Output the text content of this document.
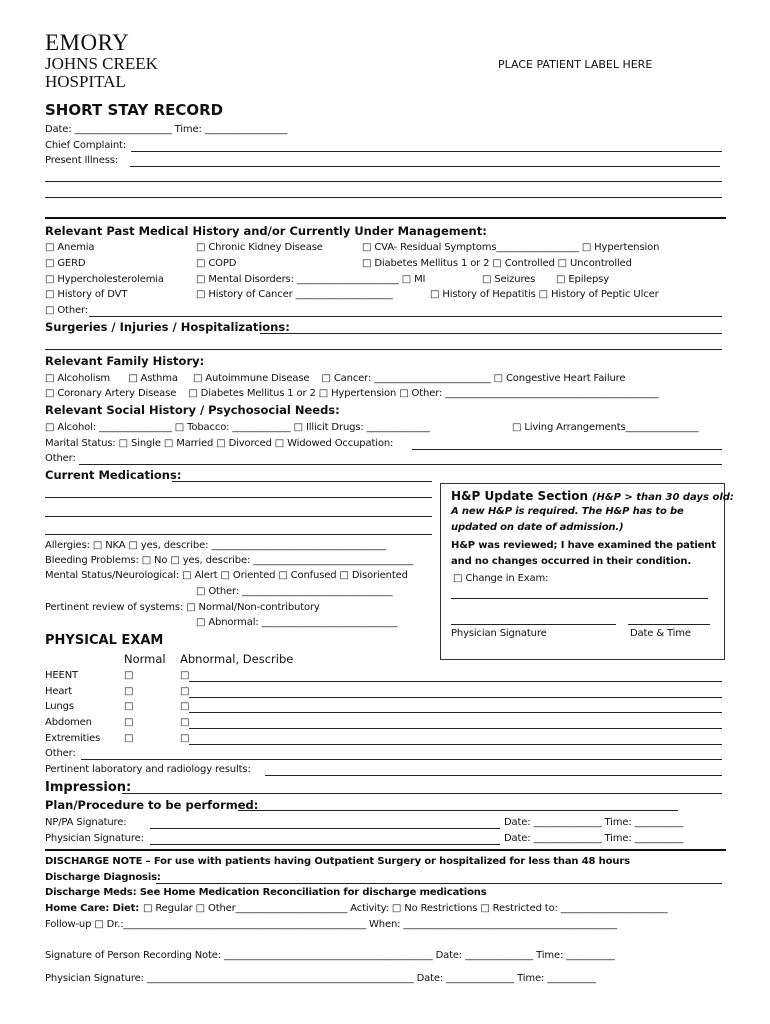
EMORY
JOHNS CREEK
HOSPITAL
PLACE PATIENT LABEL HERE
SHORT STAY RECORD
Date: ____________________ Time: _________________
Chief Complaint:
Present Illness:
Relevant Past Medical History and/or Currently Under Management:
□ Anemia
□ GERD
□ Hypercholesterolemia
□ History of DVT
□ Chronic Kidney Disease
□ COPD
□ Mental Disorders: _____________________ □ MI
□ History of Cancer ____________________
□ CVA- Residual Symptoms_________________ □ Hypertension
□ Diabetes Mellitus 1 or 2 □ Controlled □ Uncontrolled
□ Seizures □ Epilepsy
□ History of Hepatitis □ History of Peptic Ulcer
□ Other:
Surgeries / Injuries / Hospitalizations:
Relevant Family History:
□ Alcoholism      □ Asthma     □ Autoimmune Disease    □ Cancer: ________________________ □ Congestive Heart Failure
□ Coronary Artery Disease    □ Diabetes Mellitus 1 or 2 □ Hypertension □ Other: ____________________________________________
Relevant Social History / Psychosocial Needs:
□ Alcohol: _______________ □ Tobacco: ____________ □ Illicit Drugs: _____________	□ Living Arrangements_______________
Marital Status: □ Single □ Married □ Divorced □ Widowed Occupation:
Other:
Current Medications:
Allergies: □ NKA □ yes, describe: ____________________________________
Bleeding Problems: □ No □ yes, describe: _________________________________
Mental Status/Neurological: □ Alert □ Oriented □ Confused □ Disoriented
□ Other: _______________________________
Pertinent review of systems: □ Normal/Non-contributory
□ Abnormal: ____________________________
H&P Update Section (H&P > than 30 days old:
A new H&P is required. The H&P has to be
updated on date of admission.)
H&P was reviewed; I have examined the patient
and no changes occurred in their condition.
□ Change in Exam:
Physician Signature	Date & Time
PHYSICAL EXAM
Normal Abnormal, Describe
HEENT	□	□
Heart	□	□
Lungs	□	□
Abdomen	□	□
Extremities □	□
Other:
Pertinent laboratory and radiology results:
Impression:
Plan/Procedure to be performed:
NP/PA Signature:	Date: ______________ Time: __________
Physician Signature:	Date: ______________ Time: __________
DISCHARGE NOTE – For use with patients having Outpatient Surgery or hospitalized for less than 48 hours
Discharge Diagnosis:
Discharge Meds: See Home Medication Reconciliation for discharge medications
Home Care: Diet: □ Regular □ Other_______________________ Activity: □ No Restrictions □ Restricted to: ______________________
Follow-up □ Dr.:__________________________________________________ When: ____________________________________________
Signature of Person Recording Note: ___________________________________________ Date: ______________ Time: __________
Physician Signature: _______________________________________________________ Date: ______________ Time: __________
